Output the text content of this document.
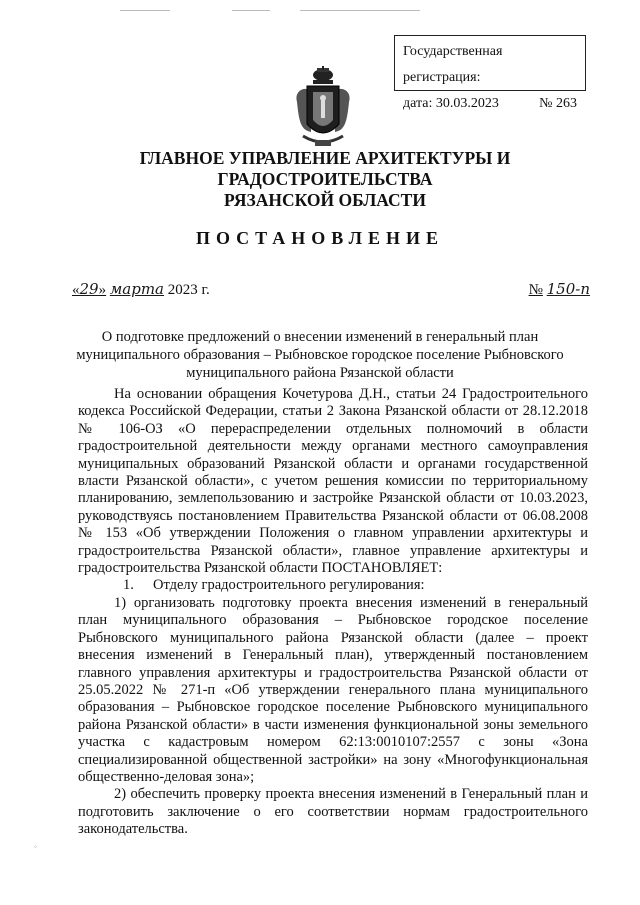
Государственная регистрация:
дата: 30.03.2023	№ 263
ГЛАВНОЕ УПРАВЛЕНИЕ АРХИТЕКТУРЫ И ГРАДОСТРОИТЕЛЬСТВА
РЯЗАНСКОЙ ОБЛАСТИ
ПОСТАНОВЛЕНИЕ
«29» марта 2023 г.	№ 150-п
О подготовке предложений о внесении изменений в генеральный план
муниципального образования – Рыбновское городское поселение Рыбновского
муниципального района Рязанской области

На основании обращения Кочетурова Д.Н., статьи 24 Градостроительного кодекса Российской Федерации, статьи 2 Закона Рязанской области от 28.12.2018 № 106-ОЗ «О перераспределении отдельных полномочий в области градостроительной деятельности между органами местного самоуправления муниципальных образований Рязанской области и органами государственной власти Рязанской области», с учетом решения комиссии по территориальному планированию, землепользованию и застройке Рязанской области от 10.03.2023, руководствуясь постановлением Правительства Рязанской области от 06.08.2008 № 153 «Об утверждении Положения о главном управлении архитектуры и градостроительства Рязанской области», главное управление архитектуры и градостроительства Рязанской области ПОСТАНОВЛЯЕТ:

1. Отделу градостроительного регулирования:

1) организовать подготовку проекта внесения изменений в генеральный план муниципального образования – Рыбновское городское поселение Рыбновского муниципального района Рязанской области (далее – проект внесения изменений в Генеральный план), утвержденный постановлением главного управления архитектуры и градостроительства Рязанской области от 25.05.2022 № 271-п «Об утверждении генерального плана муниципального образования – Рыбновское городское поселение Рыбновского муниципального района Рязанской области» в части изменения функциональной зоны земельного участка с кадастровым номером 62:13:0010107:2557 с зоны «Зона специализированной общественной застройки» на зону «Многофункциональная общественно-деловая зона»;

2) обеспечить проверку проекта внесения изменений в Генеральный план и подготовить заключение о его соответствии нормам градостроительного законодательства.

◦
